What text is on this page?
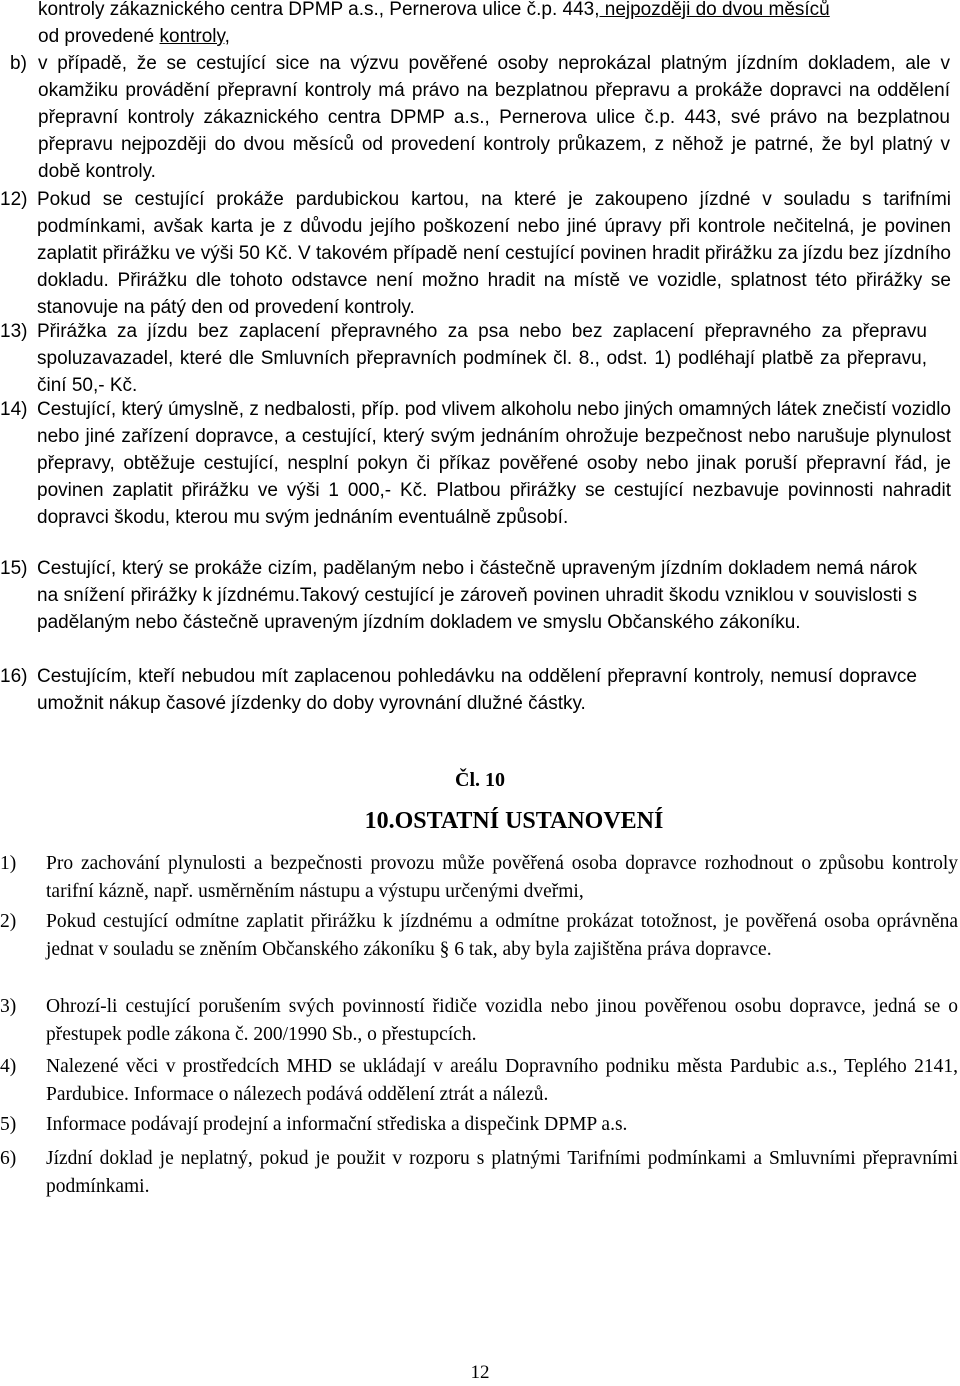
kontroly zákaznického centra DPMP a.s., Pernerova ulice č.p. 443, nejpozději do dvou měsíců

od provedené kontroly,

b) v případě, že se cestující sice na výzvu pověřené osoby neprokázal platným jízdním dokladem, ale v okamžiku provádění přepravní kontroly má právo na bezplatnou přepravu a prokáže dopravci na oddělení přepravní kontroly zákaznického centra DPMP a.s., Pernerova ulice č.p. 443, své právo na bezplatnou přepravu nejpozději do dvou měsíců od provedení kontroly průkazem, z něhož je patrné, že byl platný v době kontroly.

12) Pokud se cestující prokáže pardubickou kartou, na které je zakoupeno jízdné v souladu s tarifními podmínkami, avšak karta je z důvodu jejího poškození nebo jiné úpravy při kontrole nečitelná, je povinen zaplatit přirážku ve výši 50 Kč. V takovém případě není cestující povinen hradit přirážku za jízdu bez jízdního dokladu. Přirážku dle tohoto odstavce není možno hradit na místě ve vozidle, splatnost této přirážky se stanovuje na pátý den od provedení kontroly.

13) Přirážka za jízdu bez zaplacení přepravného za psa nebo bez zaplacení přepravného za přepravu spoluzavazadel, které dle Smluvních přepravních podmínek čl. 8., odst. 1) podléhají platbě za přepravu, činí 50,- Kč.

14) Cestující, který úmyslně, z nedbalosti, příp. pod vlivem alkoholu nebo jiných omamných látek znečistí vozidlo nebo jiné zařízení dopravce, a cestující, který svým jednáním ohrožuje bezpečnost nebo narušuje plynulost přepravy, obtěžuje cestující, nesplní pokyn či příkaz pověřené osoby nebo jinak poruší přepravní řád, je povinen zaplatit přirážku ve výši 1 000,- Kč. Platbou přirážky se cestující nezbavuje povinnosti nahradit dopravci škodu, kterou mu svým jednáním eventuálně způsobí.

15) Cestující, který se prokáže cizím, padělaným nebo i částečně upraveným jízdním dokladem nemá nárok na snížení přirážky k jízdnému.Takový cestující je zároveň povinen uhradit škodu vzniklou v souvislosti s padělaným nebo částečně upraveným jízdním dokladem ve smyslu Občanského zákoníku.

16) Cestujícím, kteří nebudou mít zaplacenou pohledávku na oddělení přepravní kontroly, nemusí dopravce umožnit nákup časové jízdenky do doby vyrovnání dlužné částky.

Čl. 10
10.OSTATNÍ USTANOVENÍ
1) Pro zachování plynulosti a bezpečnosti provozu může pověřená osoba dopravce rozhodnout o způsobu kontroly tarifní kázně, např. usměrněním nástupu a výstupu určenými dveřmi,

2) Pokud cestující odmítne zaplatit přirážku k jízdnému a odmítne prokázat totožnost, je pověřená osoba oprávněna jednat v souladu se zněním Občanského zákoníku § 6 tak, aby byla zajištěna práva dopravce.

3) Ohrozí-li cestující porušením svých povinností řidiče vozidla nebo jinou pověřenou osobu dopravce, jedná se o přestupek podle zákona č. 200/1990 Sb., o přestupcích.

4) Nalezené věci v prostředcích MHD se ukládají v areálu Dopravního podniku města Pardubic a.s., Teplého 2141, Pardubice. Informace o nálezech podává oddělení ztrát a nálezů.

5) Informace podávají prodejní a informační střediska a dispečink DPMP a.s.

6) Jízdní doklad je neplatný, pokud je použit v rozporu s platnými Tarifními podmínkami a Smluvními přepravními podmínkami.

12
